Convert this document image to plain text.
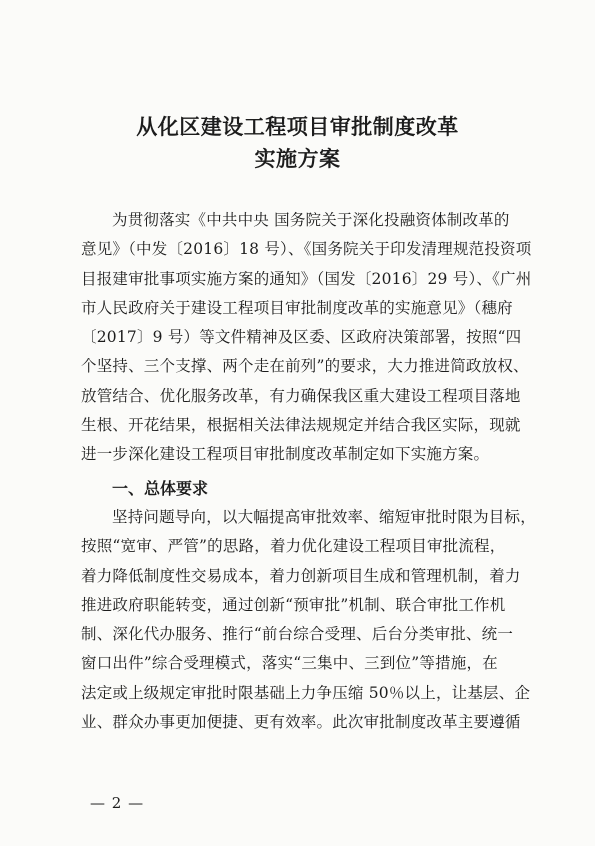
从化区建设工程项目审批制度改革
实施方案
为贯彻落实《中共中央 国务院关于深化投融资体制改革的
意见》（中发〔2016〕18 号）、《国务院关于印发清理规范投资项
目报建审批事项实施方案的通知》（国发〔2016〕29 号）、《广州
市人民政府关于建设工程项目审批制度改革的实施意见》（穗府
〔2017〕9 号）等文件精神及区委、区政府决策部署，按照“四
个坚持、三个支撑、两个走在前列”的要求，大力推进简政放权、
放管结合、优化服务改革，有力确保我区重大建设工程项目落地
生根、开花结果，根据相关法律法规规定并结合我区实际，现就
进一步深化建设工程项目审批制度改革制定如下实施方案。
一、总体要求
坚持问题导向，以大幅提高审批效率、缩短审批时限为目标，
按照“宽审、严管”的思路，着力优化建设工程项目审批流程，
着力降低制度性交易成本，着力创新项目生成和管理机制，着力
推进政府职能转变，通过创新“预审批”机制、联合审批工作机
制、深化代办服务、推行“前台综合受理、后台分类审批、统一
窗口出件”综合受理模式，落实“三集中、三到位”等措施，在
法定或上级规定审批时限基础上力争压缩 50％以上，让基层、企
业、群众办事更加便捷、更有效率。此次审批制度改革主要遵循
— 2 —
